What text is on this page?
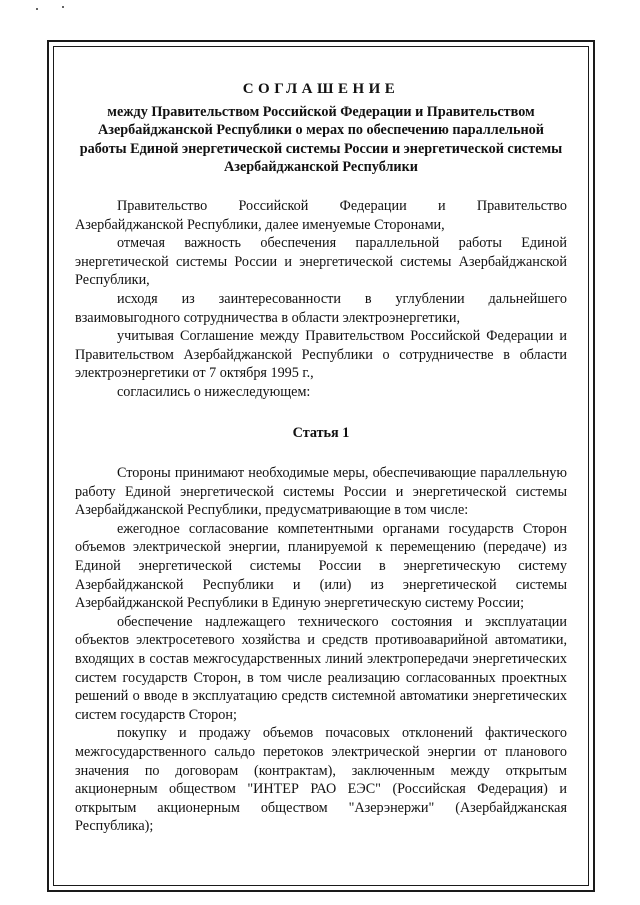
СОГЛАШЕНИЕ
между Правительством Российской Федерации и Правительством Азербайджанской Республики о мерах по обеспечению параллельной работы Единой энергетической системы России и энергетической системы Азербайджанской Республики

Правительство Российской Федерации и Правительство Азербайджанской Республики, далее именуемые Сторонами,

отмечая важность обеспечения параллельной работы Единой энергетической системы России и энергетической системы Азербайджанской Республики,

исходя из заинтересованности в углублении дальнейшего взаимовыгодного сотрудничества в области электроэнергетики,

учитывая Соглашение между Правительством Российской Федерации и Правительством Азербайджанской Республики о сотрудничестве в области электроэнергетики от 7 октября 1995 г.,

согласились о нижеследующем:

Статья 1

Стороны принимают необходимые меры, обеспечивающие параллельную работу Единой энергетической системы России и энергетической системы Азербайджанской Республики, предусматривающие в том числе:

ежегодное согласование компетентными органами государств Сторон объемов электрической энергии, планируемой к перемещению (передаче) из Единой энергетической системы России в энергетическую систему Азербайджанской Республики и (или) из энергетической системы Азербайджанской Республики в Единую энергетическую систему России;

обеспечение надлежащего технического состояния и эксплуатации объектов электросетевого хозяйства и средств противоаварийной автоматики, входящих в состав межгосударственных линий электропередачи энергетических систем государств Сторон, в том числе реализацию согласованных проектных решений о вводе в эксплуатацию средств системной автоматики энергетических систем государств Сторон;

покупку и продажу объемов почасовых отклонений фактического межгосударственного сальдо перетоков электрической энергии от планового значения по договорам (контрактам), заключенным между открытым акционерным обществом "ИНТЕР РАО ЕЭС" (Российская Федерация) и открытым акционерным обществом "Азерэнержи" (Азербайджанская Республика);
